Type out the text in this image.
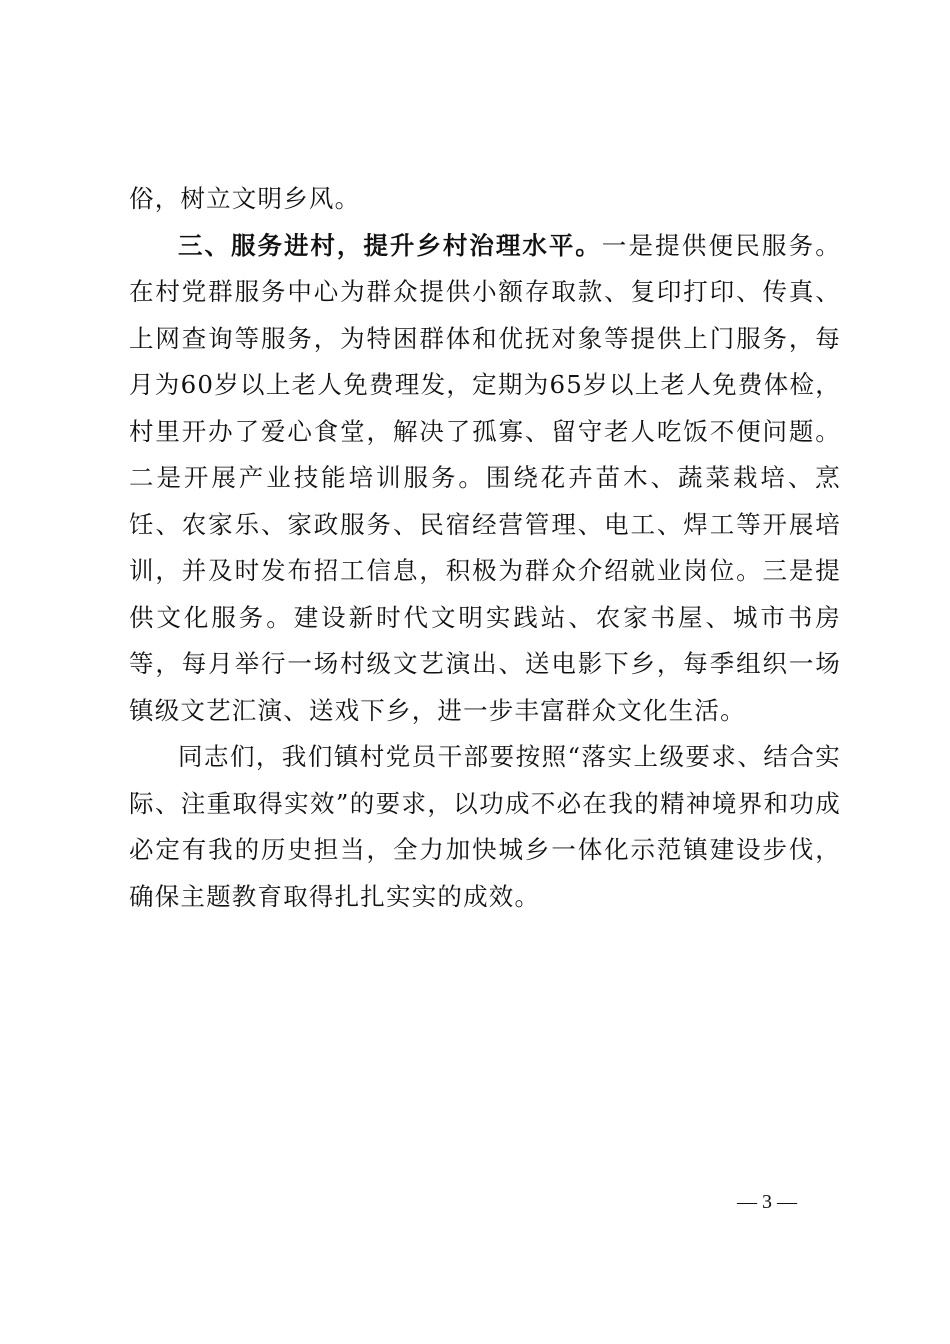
俗，树立文明乡风。

三、服务进村，提升乡村治理水平。一是提供便民服务。在村党群服务中心为群众提供小额存取款、复印打印、传真、上网查询等服务，为特困群体和优抚对象等提供上门服务，每月为60岁以上老人免费理发，定期为65岁以上老人免费体检，村里开办了爱心食堂，解决了孤寡、留守老人吃饭不便问题。二是开展产业技能培训服务。围绕花卉苗木、蔬菜栽培、烹饪、农家乐、家政服务、民宿经营管理、电工、焊工等开展培训，并及时发布招工信息，积极为群众介绍就业岗位。三是提供文化服务。建设新时代文明实践站、农家书屋、城市书房等，每月举行一场村级文艺演出、送电影下乡，每季组织一场镇级文艺汇演、送戏下乡，进一步丰富群众文化生活。

同志们，我们镇村党员干部要按照“落实上级要求、结合实际、注重取得实效”的要求，以功成不必在我的精神境界和功成必定有我的历史担当，全力加快城乡一体化示范镇建设步伐，确保主题教育取得扎扎实实的成效。

— 3 —
